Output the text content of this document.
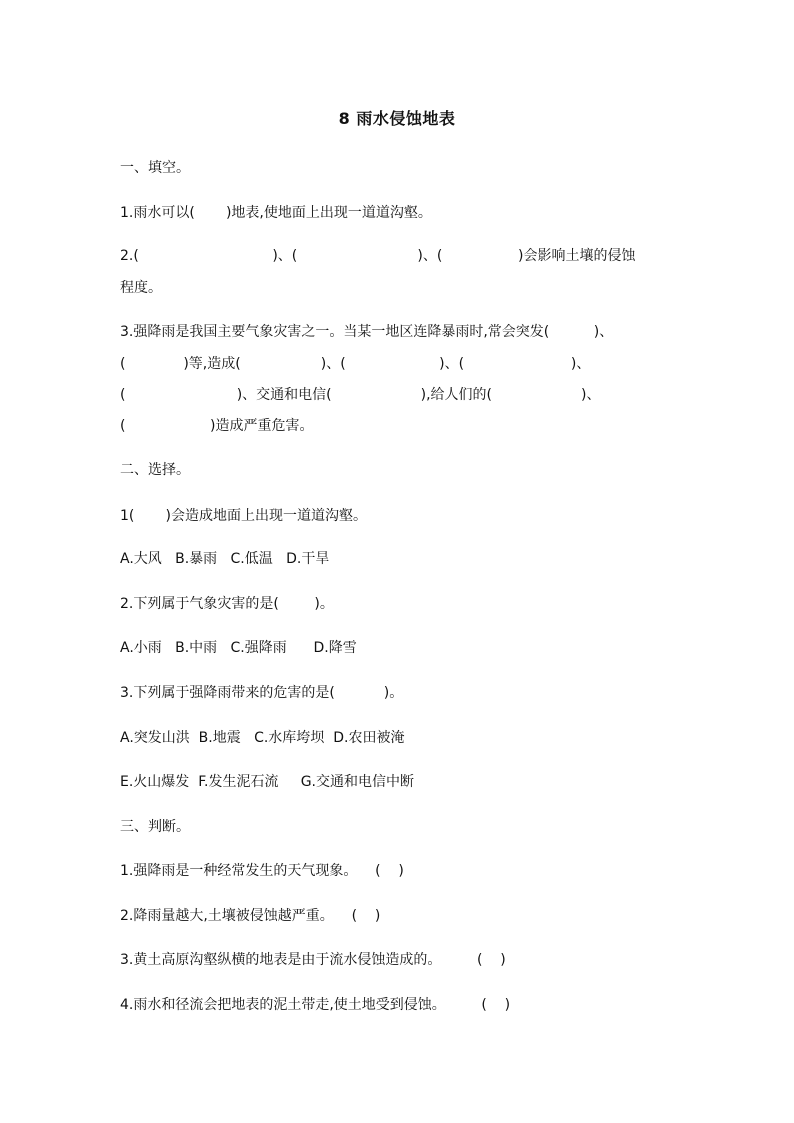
8 雨水侵蚀地表
一、填空。
1.雨水可以(       )地表,使地面上出现一道道沟壑。
2.(                              )、(                           )、(                 )会影响土壤的侵蚀
程度。
3.强降雨是我国主要气象灾害之一。当某一地区连降暴雨时,常会突发(          )、
(             )等,造成(                  )、(                     )、(                        )、
(                         )、交通和电信(                    ),给人们的(                    )、
(                   )造成严重危害。
二、选择。
1(       )会造成地面上出现一道道沟壑。
A.大风   B.暴雨   C.低温   D.干旱
2.下列属于气象灾害的是(        )。
A.小雨   B.中雨   C.强降雨      D.降雪
3.下列属于强降雨带来的危害的是(           )。
A.突发山洪  B.地震   C.水库垮坝  D.农田被淹
E.火山爆发  F.发生泥石流     G.交通和电信中断
三、判断。
1.强降雨是一种经常发生的天气现象。    (    )
2.降雨量越大,土壤被侵蚀越严重。    (    )
3.黄土高原沟壑纵横的地表是由于流水侵蚀造成的。        (    )
4.雨水和径流会把地表的泥土带走,使土地受到侵蚀。        (    )
